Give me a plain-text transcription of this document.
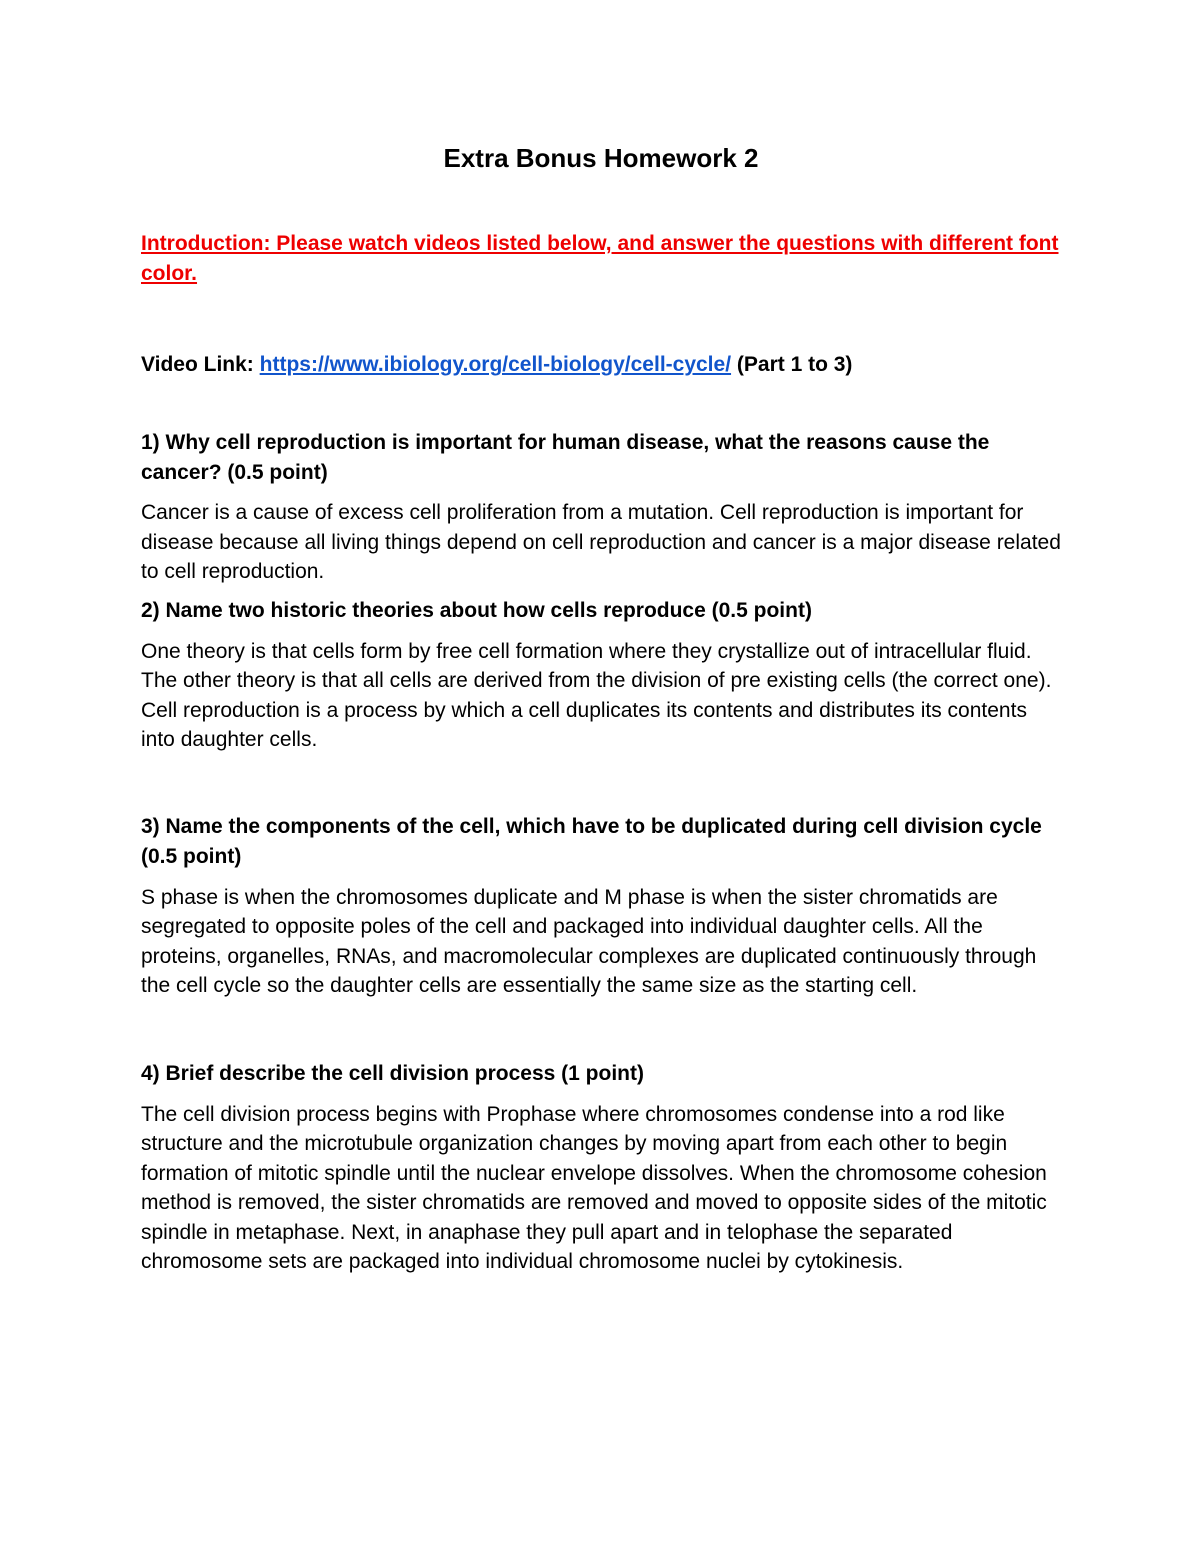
Extra Bonus Homework 2

Introduction: Please watch videos listed below, and answer the questions with different font color.

Video Link: https://www.ibiology.org/cell-biology/cell-cycle/ (Part 1 to 3)

1) Why cell reproduction is important for human disease, what the reasons cause the cancer? (0.5 point)

Cancer is a cause of excess cell proliferation from a mutation. Cell reproduction is important for disease because all living things depend on cell reproduction and cancer is a major disease related to cell reproduction.

2) Name two historic theories about how cells reproduce (0.5 point)

One theory is that cells form by free cell formation where they crystallize out of intracellular fluid. The other theory is that all cells are derived from the division of pre existing cells (the correct one). Cell reproduction is a process by which a cell duplicates its contents and distributes its contents into daughter cells.

3) Name the components of the cell, which have to be duplicated during cell division cycle (0.5 point)

S phase is when the chromosomes duplicate and M phase is when the sister chromatids are segregated to opposite poles of the cell and packaged into individual daughter cells. All the proteins, organelles, RNAs, and macromolecular complexes are duplicated continuously through the cell cycle so the daughter cells are essentially the same size as the starting cell.

4) Brief describe the cell division process (1 point)

The cell division process begins with Prophase where chromosomes condense into a rod like structure and the microtubule organization changes by moving apart from each other to begin formation of mitotic spindle until the nuclear envelope dissolves. When the chromosome cohesion method is removed, the sister chromatids are removed and moved to opposite sides of the mitotic spindle in metaphase. Next, in anaphase they pull apart and in telophase the separated chromosome sets are packaged into individual chromosome nuclei by cytokinesis.
